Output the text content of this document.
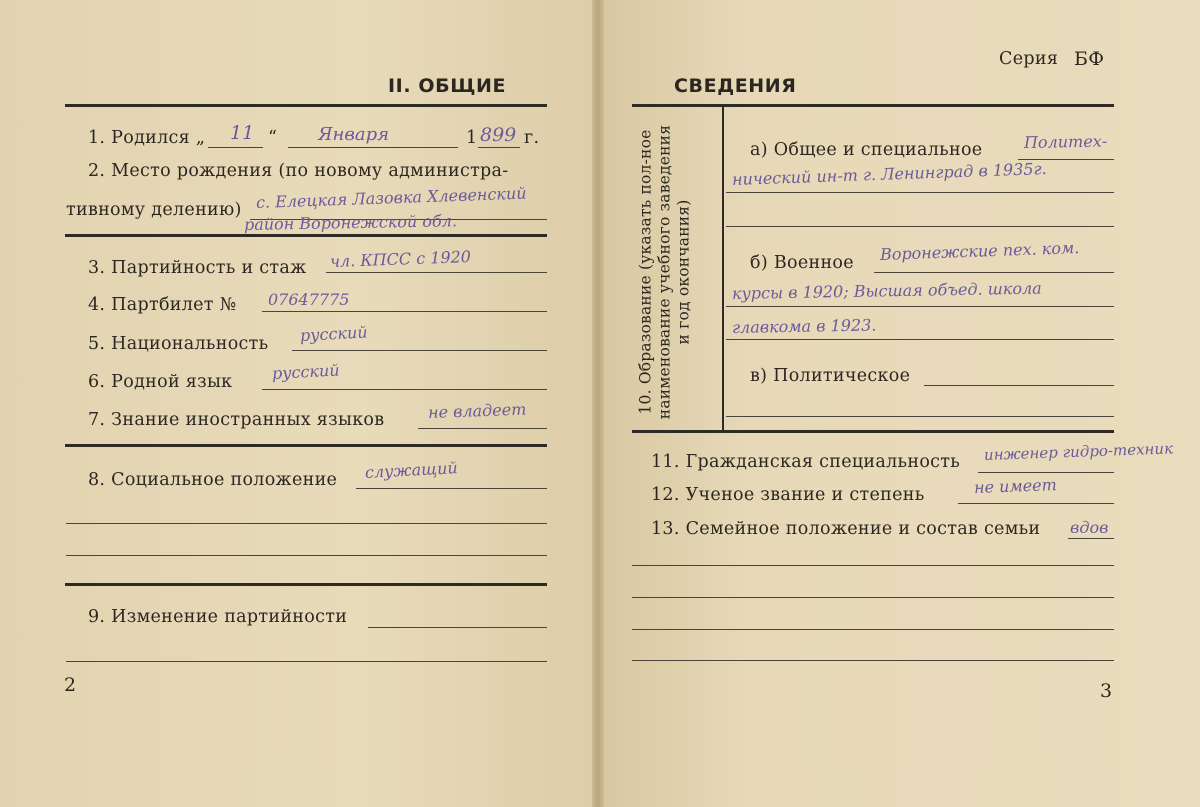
II. ОБЩИЕ
1. Родился „ 11 “ Января	1 899 г.
2. Место рождения (по новому администра-
тивному делению) с. Елецкая Лазовка Хлевенский
район Воронежской обл.
3. Партийность и стаж чл. КПСС с 1920
4. Партбилет № 07647775
5. Национальность русский
6. Родной язык русский
7. Знание иностранных языков	не владеет
8. Социальное положение служащий
9. Изменение партийности
2
Серия БФ
СВЕДЕНИЯ
10. Образование (указать пол-ное наименование учебного заведения и год окончания)
а) Общее и специальное	Политех-
нический ин-т г. Ленинград в 1935г.
б) Военное Воронежские пех. ком.
курсы в 1920; Высшая объед. школа
главкома в 1923.
в) Политическое
11. Гражданская специальность инженер гидро-техник
12. Ученое звание и степень	не имеет
13. Семейное положение и состав семьи вдов
3
